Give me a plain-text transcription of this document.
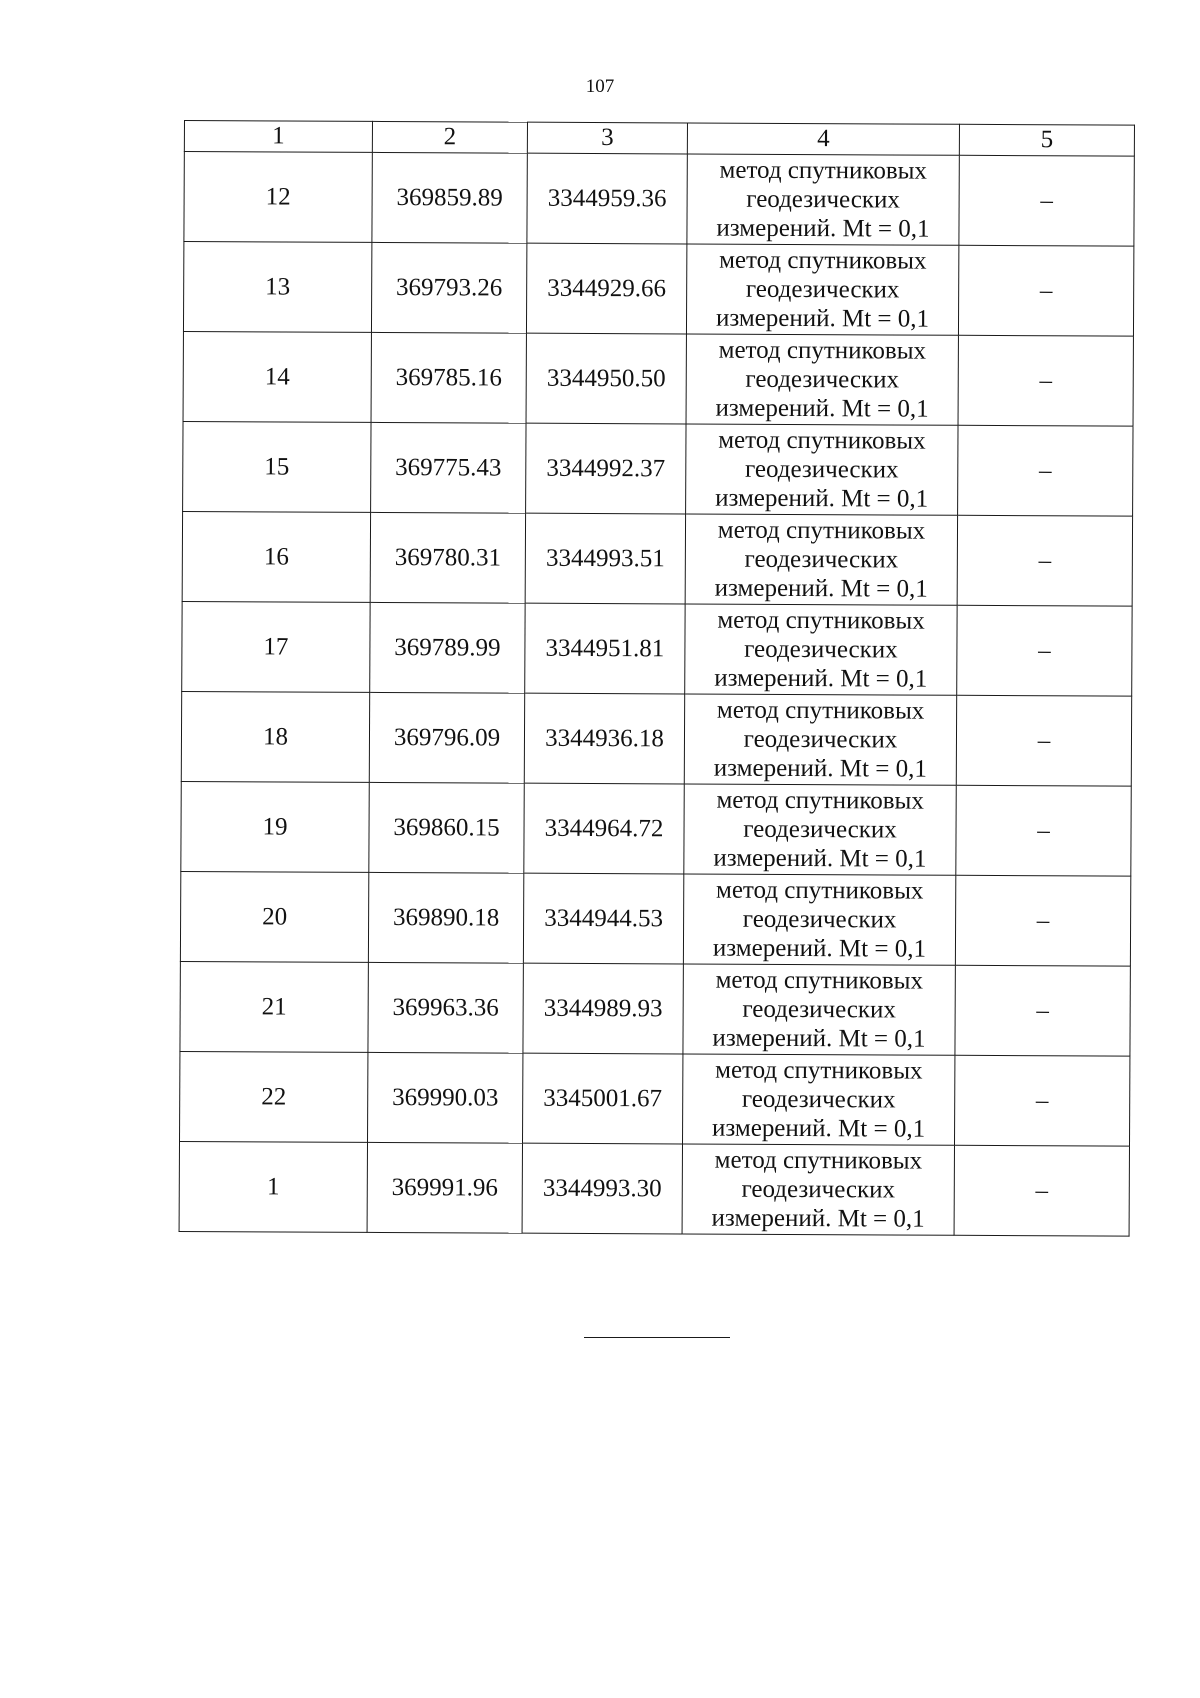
107
1	2	3	4	5
12	369859.89	3344959.36	метод спутниковых
геодезических
измерений. Mt = 0,1	–
13	369793.26	3344929.66	метод спутниковых
геодезических
измерений. Mt = 0,1	–
14	369785.16	3344950.50	метод спутниковых
геодезических
измерений. Mt = 0,1	–
15	369775.43	3344992.37	метод спутниковых
геодезических
измерений. Mt = 0,1	–
16	369780.31	3344993.51	метод спутниковых
геодезических
измерений. Mt = 0,1	–
17	369789.99	3344951.81	метод спутниковых
геодезических
измерений. Mt = 0,1	–
18	369796.09	3344936.18	метод спутниковых
геодезических
измерений. Mt = 0,1	–
19	369860.15	3344964.72	метод спутниковых
геодезических
измерений. Mt = 0,1	–
20	369890.18	3344944.53	метод спутниковых
геодезических
измерений. Mt = 0,1	–
21	369963.36	3344989.93	метод спутниковых
геодезических
измерений. Mt = 0,1	–
22	369990.03	3345001.67	метод спутниковых
геодезических
измерений. Mt = 0,1	–
1	369991.96	3344993.30	метод спутниковых
геодезических
измерений. Mt = 0,1	–
